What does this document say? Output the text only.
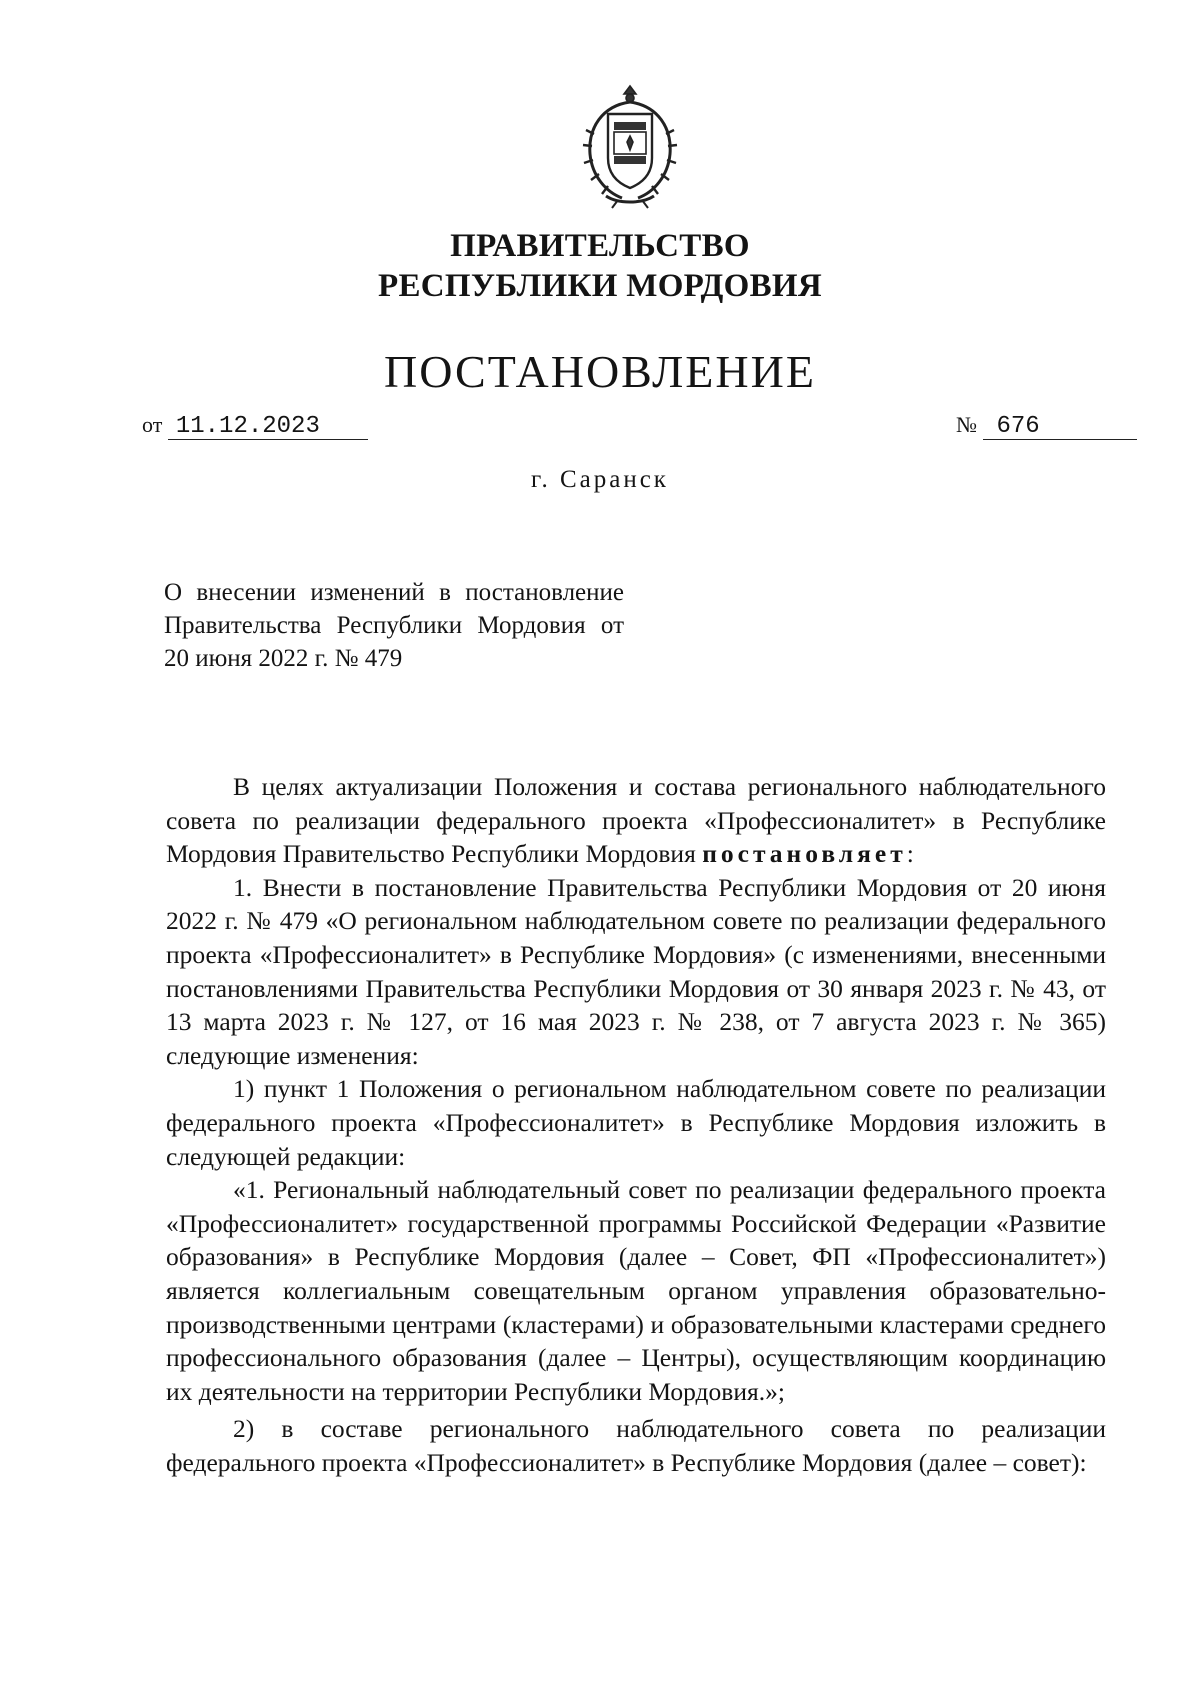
ПРАВИТЕЛЬСТВО
РЕСПУБЛИКИ МОРДОВИЯ
ПОСТАНОВЛЕНИЕ
от 11.12.2023	№ 676
г. Саранск
О внесении изменений в постановление Правительства Республики Мордовия от 20 июня 2022 г. № 479

В целях актуализации Положения и состава регионального наблюдательного совета по реализации федерального проекта «Профессионалитет» в Республике Мордовия Правительство Республики Мордовия постановляет:

1. Внести в постановление Правительства Республики Мордовия от 20 июня 2022 г. № 479 «О региональном наблюдательном совете по реализации федерального проекта «Профессионалитет» в Республике Мордовия» (с изменениями, внесенными постановлениями Правительства Республики Мордовия от 30 января 2023 г. № 43, от 13 марта 2023 г. № 127, от 16 мая 2023 г. № 238, от 7 августа 2023 г. № 365) следующие изменения:

1) пункт 1 Положения о региональном наблюдательном совете по реализации федерального проекта «Профессионалитет» в Республике Мордовия изложить в следующей редакции:

«1. Региональный наблюдательный совет по реализации федерального проекта «Профессионалитет» государственной программы Российской Федерации «Развитие образования» в Республике Мордовия (далее – Совет, ФП «Профессионалитет») является коллегиальным совещательным органом управления образовательно-производственными центрами (кластерами) и образовательными кластерами среднего профессионального образования (далее – Центры), осуществляющим координацию их деятельности на территории Республики Мордовия.»;

2) в составе регионального наблюдательного совета по реализации федерального проекта «Профессионалитет» в Республике Мордовия (далее – совет):
